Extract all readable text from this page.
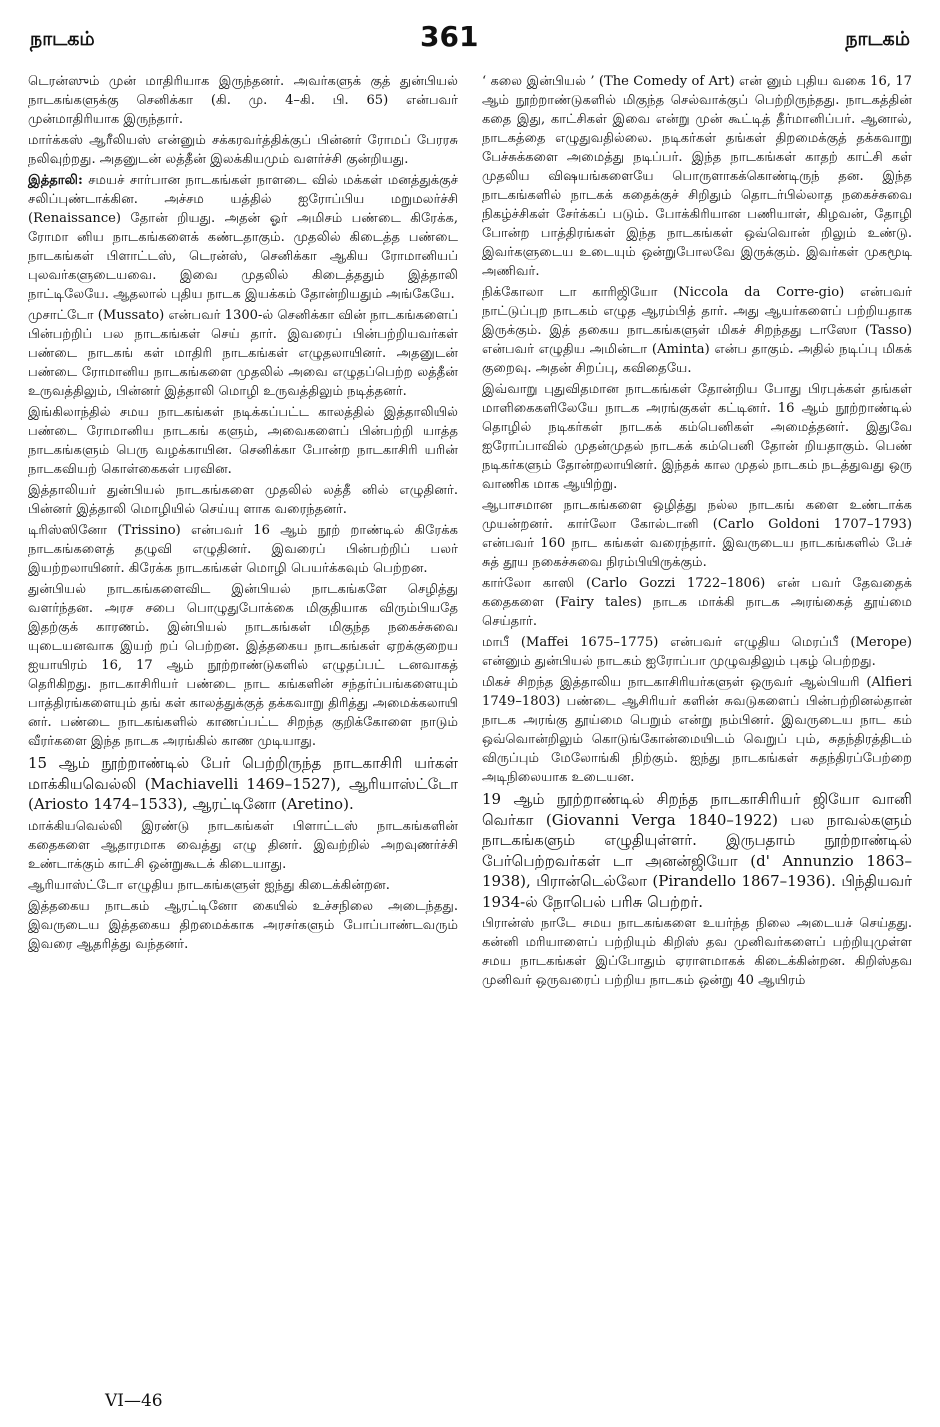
நாடகம்	361	நாடகம்

டெரன்ஸும் முன் மாதிரியாக இருந்தனர். அவர்களுக் குத் துன்பியல் நாடகங்களுக்கு செனிக்கா (கி. மு. 4–கி. பி. 65) என்பவர் முன்மாதிரியாக இருந்தார்.

மார்க்கஸ் ஆரீலியஸ் என்னும் சக்கரவர்த்திக்குப் பின்னர் ரோமப் பேரரசு நலிவுற்றது. அதனுடன் லத்தீன் இலக்கியமும் வளர்ச்சி குன்றியது.

இத்தாலி: சமயச் சார்பான நாடகங்கள் நாளடை வில் மக்கள் மனத்துக்குச் சலிப்புண்டாக்கின. அச்சம யத்தில் ஐரோப்பிய மறுமலர்ச்சி (Renaissance) தோன் றியது. அதன் ஓர் அமிசம் பண்டை கிரேக்க, ரோமா னிய நாடகங்களைக் கண்டதாகும். முதலில் கிடைத்த பண்டை நாடகங்கள் பிளாட்டஸ், டெரன்ஸ், செனிக்கா ஆகிய ரோமானியப் புலவர்களுடையவை. இவை முதலில் கிடைத்ததும் இத்தாலி நாட்டிலேயே. ஆதலால் புதிய நாடக இயக்கம் தோன்றியதும் அங்கேயே.

முசாட்டோ (Mussato) என்பவர் 1300-ல் செனிக்கா வின் நாடகங்களைப் பின்பற்றிப் பல நாடகங்கள் செய் தார். இவரைப் பின்பற்றியவர்கள் பண்டை நாடகங் கள் மாதிரி நாடகங்கள் எழுதலாயினர். அதனுடன் பண்டை ரோமானிய நாடகங்களை முதலில் அவை எழுதப்பெற்ற லத்தீன் உருவத்திலும், பின்னர் இத்தாலி மொழி உருவத்திலும் நடித்தனர்.

இங்கிலாந்தில் சமய நாடகங்கள் நடிக்கப்பட்ட காலத்தில் இத்தாலியில் பண்டை ரோமானிய நாடகங் களும், அவைகளைப் பின்பற்றி யாத்த நாடகங்களும் பெரு வழக்காயின. செனிக்கா போன்ற நாடகாசிரி யரின் நாடகவியற் கொள்கைகள் பரவின.

இத்தாலியர் துன்பியல் நாடகங்களை முதலில் லத்தீ னில் எழுதினர். பின்னர் இத்தாலி மொழியில் செய்யு ளாக வரைந்தனர்.

டிரிஸ்ஸினோ (Trissino) என்பவர் 16 ஆம் நூற் றாண்டில் கிரேக்க நாடகங்களைத் தழுவி எழுதினர். இவரைப் பின்பற்றிப் பலர் இயற்றலாயினர். கிரேக்க நாடகங்கள் மொழி பெயர்க்கவும் பெற்றன.

துன்பியல் நாடகங்களைவிட இன்பியல் நாடகங்களே செழித்து வளர்ந்தன. அரச சபை பொழுதுபோக்கை மிகுதியாக விரும்பியதே இதற்குக் காரணம். இன்பியல் நாடகங்கள் மிகுந்த நகைச்சுவை யுடையனவாக இயற் றப் பெற்றன. இத்தகைய நாடகங்கள் ஏறக்குறைய ஐயாயிரம் 16, 17 ஆம் நூற்றாண்டுகளில் எழுதப்பட் டனவாகத் தெரிகிறது. நாடகாசிரியர் பண்டை நாட கங்களின் சந்தர்ப்பங்களையும் பாத்திரங்களையும் தங் கள் காலத்துக்குத் தக்கவாறு திரித்து அமைக்கலாயி னர். பண்டை நாடகங்களில் காணப்பட்ட சிறந்த குறிக்கோளை நாடும் வீரர்களை இந்த நாடக அரங்கில் காண முடியாது.

15 ஆம் நூற்றாண்டில் பேர் பெற்றிருந்த நாடகாசிரி யர்கள் மாக்கியவெல்லி (Machiavelli 1469–1527), ஆரியாஸ்ட்டோ (Ariosto 1474–1533), ஆரட்டினோ (Aretino).

மாக்கியவெல்லி இரண்டு நாடகங்கள் பிளாட்டஸ் நாடகங்களின் கதைகளை ஆதாரமாக வைத்து எழு தினர். இவற்றில் அறவுணர்ச்சி உண்டாக்கும் காட்சி ஒன்றுகூடக் கிடையாது.

ஆரியாஸ்ட்டோ எழுதிய நாடகங்களுள் ஐந்து கிடைக்கின்றன.

இத்தகைய நாடகம் ஆரட்டினோ கையில் உச்சநிலை அடைந்தது. இவருடைய இத்தகைய திறமைக்காக அரசர்களும் போப்பாண்டவரும் இவரை ஆதரித்து வந்தனர்.

‘ கலை இன்பியல் ’ (The Comedy of Art) என் னும் புதிய வகை 16, 17 ஆம் நூற்றாண்டுகளில் மிகுந்த செல்வாக்குப் பெற்றிருந்தது. நாடகத்தின் கதை இது, காட்சிகள் இவை என்று முன் கூட்டித் தீர்மானிப்பர். ஆனால், நாடகத்தை எழுதுவதில்லை. நடிகர்கள் தங்கள் திறமைக்குத் தக்கவாறு பேச்சுக்களை அமைத்து நடிப்பர். இந்த நாடகங்கள் காதற் காட்சி கள் முதலிய விஷயங்களையே பொருளாகக்கொண்டிருந் தன. இந்த நாடகங்களில் நாடகக் கதைக்குச் சிறிதும் தொடர்பில்லாத நகைச்சுவை நிகழ்ச்சிகள் சேர்க்கப் படும். போக்கிரியான பணியாள், கிழவன், தோழி போன்ற பாத்திரங்கள் இந்த நாடகங்கள் ஒவ்வொன் றிலும் உண்டு. இவர்களுடைய உடையும் ஒன்றுபோலவே இருக்கும். இவர்கள் முகமூடி அணிவர்.

நிக்கோலா டா காரிஜியோ (Niccola da Corre-gio) என்பவர் நாட்டுப்புற நாடகம் எழுத ஆரம்பித் தார். அது ஆயர்களைப் பற்றியதாக இருக்கும். இத் தகைய நாடகங்களுள் மிகச் சிறந்தது டாஸோ (Tasso) என்பவர் எழுதிய அமின்டா (Aminta) என்ப தாகும். அதில் நடிப்பு மிகக் குறைவு. அதன் சிறப்பு, கவிதையே.

இவ்வாறு புதுவிதமான நாடகங்கள் தோன்றிய போது பிரபுக்கள் தங்கள் மாளிகைகளிலேயே நாடக அரங்குகள் கட்டினர். 16 ஆம் நூற்றாண்டில் தொழில் நடிகர்கள் நாடகக் கம்பெனிகள் அமைத்தனர். இதுவே ஐரோப்பாவில் முதன்முதல் நாடகக் கம்பெனி தோன் றியதாகும். பெண் நடிகர்களும் தோன்றலாயினர். இந்தக் கால முதல் நாடகம் நடத்துவது ஒரு வாணிக மாக ஆயிற்று.

ஆபாசமான நாடகங்களை ஒழித்து நல்ல நாடகங் களை உண்டாக்க முயன்றனர். கார்லோ கோல்டானி (Carlo Goldoni 1707–1793) என்பவர் 160 நாட கங்கள் வரைந்தார். இவருடைய நாடகங்களில் பேச் சுத் தூய நகைச்சுவை நிரம்பியிருக்கும்.

கார்லோ காஸி (Carlo Gozzi 1722–1806) என் பவர் தேவதைக் கதைகளை (Fairy tales) நாடக மாக்கி நாடக அரங்கைத் தூய்மை செய்தார்.

மாபீ (Maffei 1675–1775) என்பவர் எழுதிய மெரப்பீ (Merope) என்னும் துன்பியல் நாடகம் ஐரோப்பா முழுவதிலும் புகழ் பெற்றது.

மிகச் சிறந்த இத்தாலிய நாடகாசிரியர்களுள் ஒருவர் ஆல்பியரி (Alfieri 1749–1803) பண்டை ஆசிரியர் களின் சுவடுகளைப் பின்பற்றினல்தான் நாடக அரங்கு தூய்மை பெறும் என்று நம்பினர். இவருடைய நாட கம் ஒவ்வொன்றிலும் கொடுங்கோன்மையிடம் வெறுப் பும், சுதந்திரத்திடம் விருப்பும் மேலோங்கி நிற்கும். ஐந்து நாடகங்கள் சுதந்திரப்பேற்றை அடிநிலையாக உடையன.

19 ஆம் நூற்றாண்டில் சிறந்த நாடகாசிரியர் ஜியோ வானி வெர்கா (Giovanni Verga 1840–1922) பல நாவல்களும் நாடகங்களும் எழுதியுள்ளர். இருபதாம் நூற்றாண்டில் பேர்பெற்றவர்கள் டா அனன்ஜியோ (d' Annunzio 1863–1938), பிரான்டெல்லோ (Pirandello 1867–1936). பிந்தியவர் 1934-ல் நோபெல் பரிசு பெற்றர்.

பிரான்ஸ் நாடே சமய நாடகங்களை உயர்ந்த நிலை அடையச் செய்தது. கன்னி மரியாளைப் பற்றியும் கிறிஸ் தவ முனிவர்களைப் பற்றியுமுள்ள சமய நாடகங்கள் இப்போதும் ஏராளமாகக் கிடைக்கின்றன. கிறிஸ்தவ முனிவர் ஒருவரைப் பற்றிய நாடகம் ஒன்று 40 ஆயிரம்

VI—46
